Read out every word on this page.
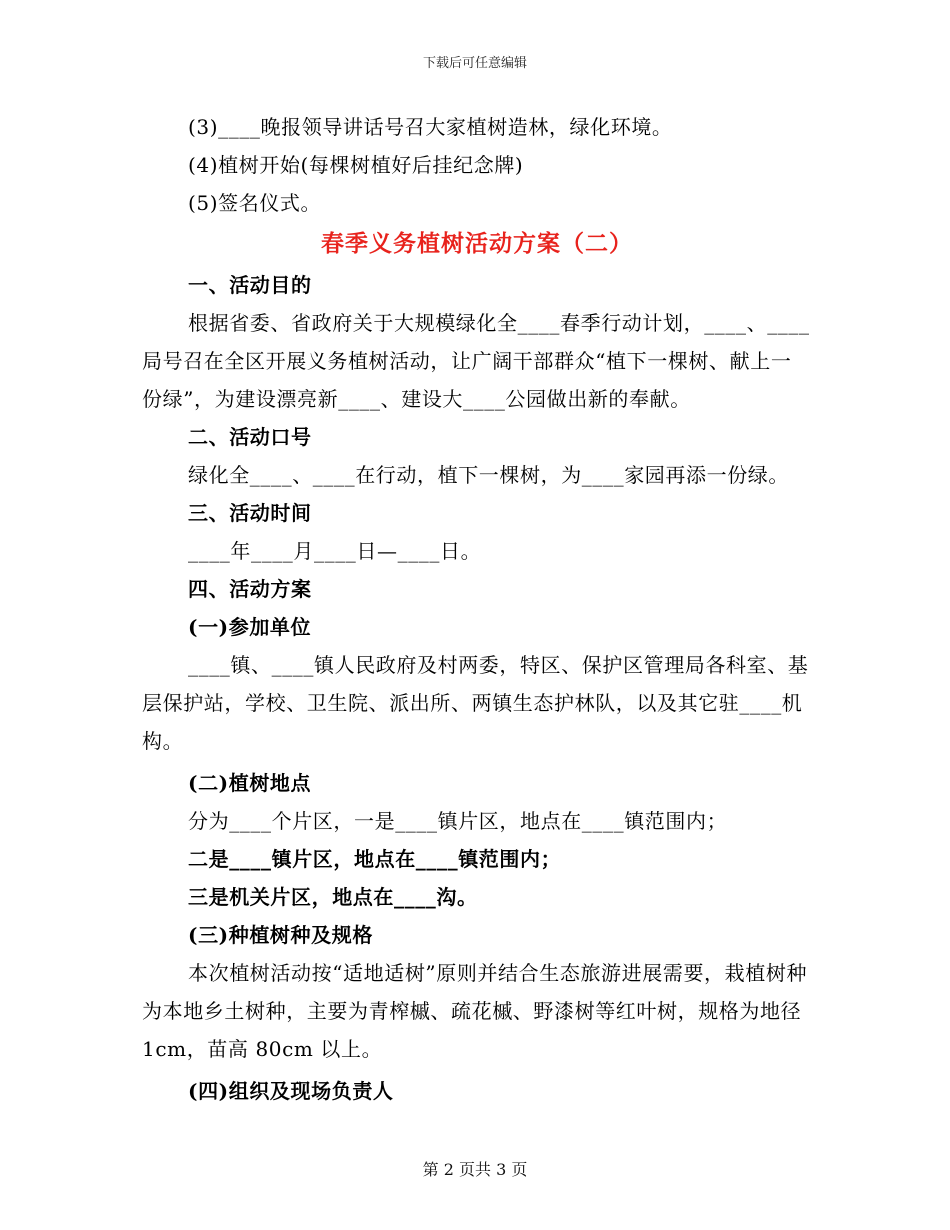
下载后可任意编辑

(3)____晚报领导讲话号召大家植树造林，绿化环境。

(4)植树开始(每棵树植好后挂纪念牌)

(5)签名仪式。

春季义务植树活动方案（二）

一、活动目的

根据省委、省政府关于大规模绿化全____春季行动计划，____、____局号召在全区开展义务植树活动，让广阔干部群众“植下一棵树、献上一份绿”，为建设漂亮新____、建设大____公园做出新的奉献。

二、活动口号

绿化全____、____在行动，植下一棵树，为____家园再添一份绿。

三、活动时间

____年____月____日—____日。

四、活动方案

(一)参加单位

____镇、____镇人民政府及村两委，特区、保护区管理局各科室、基层保护站，学校、卫生院、派出所、两镇生态护林队，以及其它驻____机构。

(二)植树地点

分为____个片区，一是____镇片区，地点在____镇范围内；

二是____镇片区，地点在____镇范围内；

三是机关片区，地点在____沟。

(三)种植树种及规格

本次植树活动按“适地适树”原则并结合生态旅游进展需要，栽植树种为本地乡土树种，主要为青榨槭、疏花槭、野漆树等红叶树，规格为地径 1cm，苗高 80cm 以上。

(四)组织及现场负责人

第 2 页共 3 页
